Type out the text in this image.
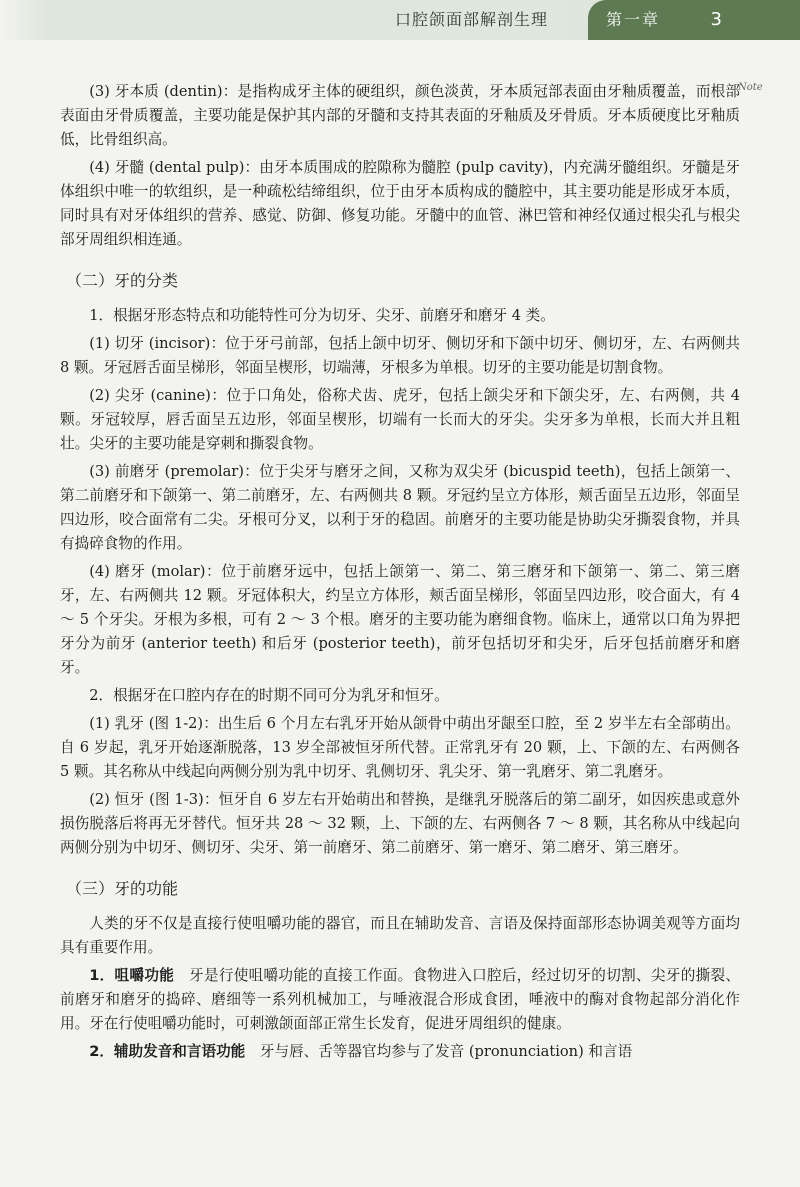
口腔颌面部解剖生理	第一章	3
Note

(3) 牙本质 (dentin)：是指构成牙主体的硬组织，颜色淡黄，牙本质冠部表面由牙釉质覆盖，而根部表面由牙骨质覆盖，主要功能是保护其内部的牙髓和支持其表面的牙釉质及牙骨质。牙本质硬度比牙釉质低，比骨组织高。

(4) 牙髓 (dental pulp)：由牙本质围成的腔隙称为髓腔 (pulp cavity)，内充满牙髓组织。牙髓是牙体组织中唯一的软组织，是一种疏松结缔组织，位于由牙本质构成的髓腔中，其主要功能是形成牙本质，同时具有对牙体组织的营养、感觉、防御、修复功能。牙髓中的血管、淋巴管和神经仅通过根尖孔与根尖部牙周组织相连通。

（二）牙的分类

1．根据牙形态特点和功能特性可分为切牙、尖牙、前磨牙和磨牙 4 类。

(1) 切牙 (incisor)：位于牙弓前部，包括上颌中切牙、侧切牙和下颌中切牙、侧切牙，左、右两侧共 8 颗。牙冠唇舌面呈梯形，邻面呈楔形，切端薄，牙根多为单根。切牙的主要功能是切割食物。

(2) 尖牙 (canine)：位于口角处，俗称犬齿、虎牙，包括上颌尖牙和下颌尖牙，左、右两侧，共 4 颗。牙冠较厚，唇舌面呈五边形，邻面呈楔形，切端有一长而大的牙尖。尖牙多为单根，长而大并且粗壮。尖牙的主要功能是穿刺和撕裂食物。

(3) 前磨牙 (premolar)：位于尖牙与磨牙之间，又称为双尖牙 (bicuspid teeth)，包括上颌第一、第二前磨牙和下颌第一、第二前磨牙，左、右两侧共 8 颗。牙冠约呈立方体形，颊舌面呈五边形，邻面呈四边形，咬合面常有二尖。牙根可分叉，以利于牙的稳固。前磨牙的主要功能是协助尖牙撕裂食物，并具有捣碎食物的作用。

(4) 磨牙 (molar)：位于前磨牙远中，包括上颌第一、第二、第三磨牙和下颌第一、第二、第三磨牙，左、右两侧共 12 颗。牙冠体积大，约呈立方体形，颊舌面呈梯形，邻面呈四边形，咬合面大，有 4 ～ 5 个牙尖。牙根为多根，可有 2 ～ 3 个根。磨牙的主要功能为磨细食物。临床上，通常以口角为界把牙分为前牙 (anterior teeth) 和后牙 (posterior teeth)，前牙包括切牙和尖牙，后牙包括前磨牙和磨牙。

2．根据牙在口腔内存在的时期不同可分为乳牙和恒牙。

(1) 乳牙 (图 1-2)：出生后 6 个月左右乳牙开始从颌骨中萌出牙龈至口腔，至 2 岁半左右全部萌出。自 6 岁起，乳牙开始逐渐脱落，13 岁全部被恒牙所代替。正常乳牙有 20 颗，上、下颌的左、右两侧各 5 颗。其名称从中线起向两侧分别为乳中切牙、乳侧切牙、乳尖牙、第一乳磨牙、第二乳磨牙。

(2) 恒牙 (图 1-3)：恒牙自 6 岁左右开始萌出和替换，是继乳牙脱落后的第二副牙，如因疾患或意外损伤脱落后将再无牙替代。恒牙共 28 ～ 32 颗，上、下颌的左、右两侧各 7 ～ 8 颗，其名称从中线起向两侧分别为中切牙、侧切牙、尖牙、第一前磨牙、第二前磨牙、第一磨牙、第二磨牙、第三磨牙。

（三）牙的功能

人类的牙不仅是直接行使咀嚼功能的器官，而且在辅助发音、言语及保持面部形态协调美观等方面均具有重要作用。

1．咀嚼功能　牙是行使咀嚼功能的直接工作面。食物进入口腔后，经过切牙的切割、尖牙的撕裂、前磨牙和磨牙的捣碎、磨细等一系列机械加工，与唾液混合形成食团，唾液中的酶对食物起部分消化作用。牙在行使咀嚼功能时，可刺激颌面部正常生长发育，促进牙周组织的健康。

2．辅助发音和言语功能　牙与唇、舌等器官均参与了发音 (pronunciation) 和言语
